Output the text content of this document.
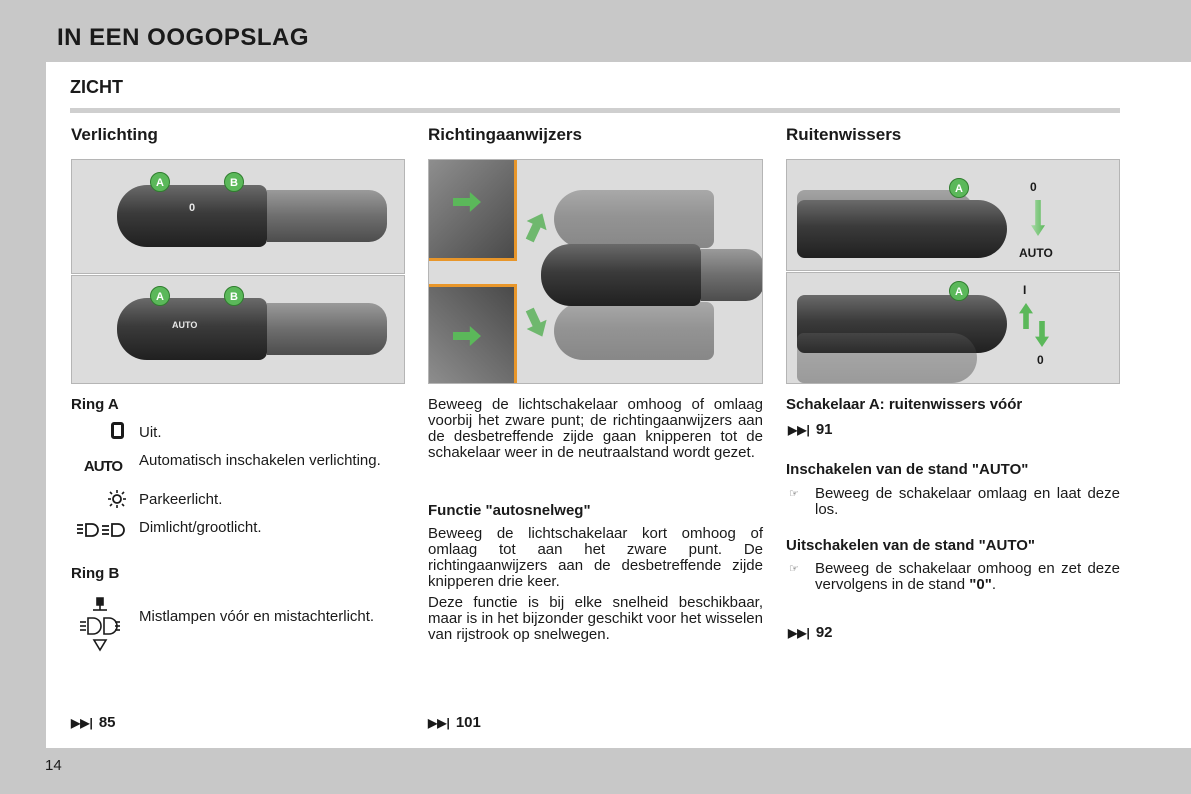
IN EEN OOGOPSLAG
ZICHT
Verlichting
A	B
0
A	B
AUTO
Ring A
Uit.
AUTO	Automatisch inschakelen verlichting.
Parkeerlicht.
Dimlicht/grootlicht.
Ring B
Mistlampen vóór en mistachterlicht.
▶▶| 85
Richtingaanwijzers
Beweeg de lichtschakelaar omhoog of omlaag voorbij het zware punt; de richtingaanwijzers aan de desbetreffende zijde gaan knipperen tot de schakelaar weer in de neutraalstand wordt gezet.
Functie "autosnelweg"
Beweeg de lichtschakelaar kort omhoog of omlaag tot aan het zware punt. De richtingaanwijzers aan de desbetreffende zijde knipperen drie keer.
Deze functie is bij elke snelheid beschikbaar, maar is in het bijzonder geschikt voor het wisselen van rijstrook op snelwegen.
▶▶| 101
Ruitenwissers
A	0
AUTO
A	I
0
Schakelaar A: ruitenwissers vóór
▶▶| 91
Inschakelen van de stand "AUTO"
☞ Beweeg de schakelaar omlaag en laat deze los.
Uitschakelen van de stand "AUTO"
☞ Beweeg de schakelaar omhoog en zet deze vervolgens in de stand "0".
▶▶| 92
14
